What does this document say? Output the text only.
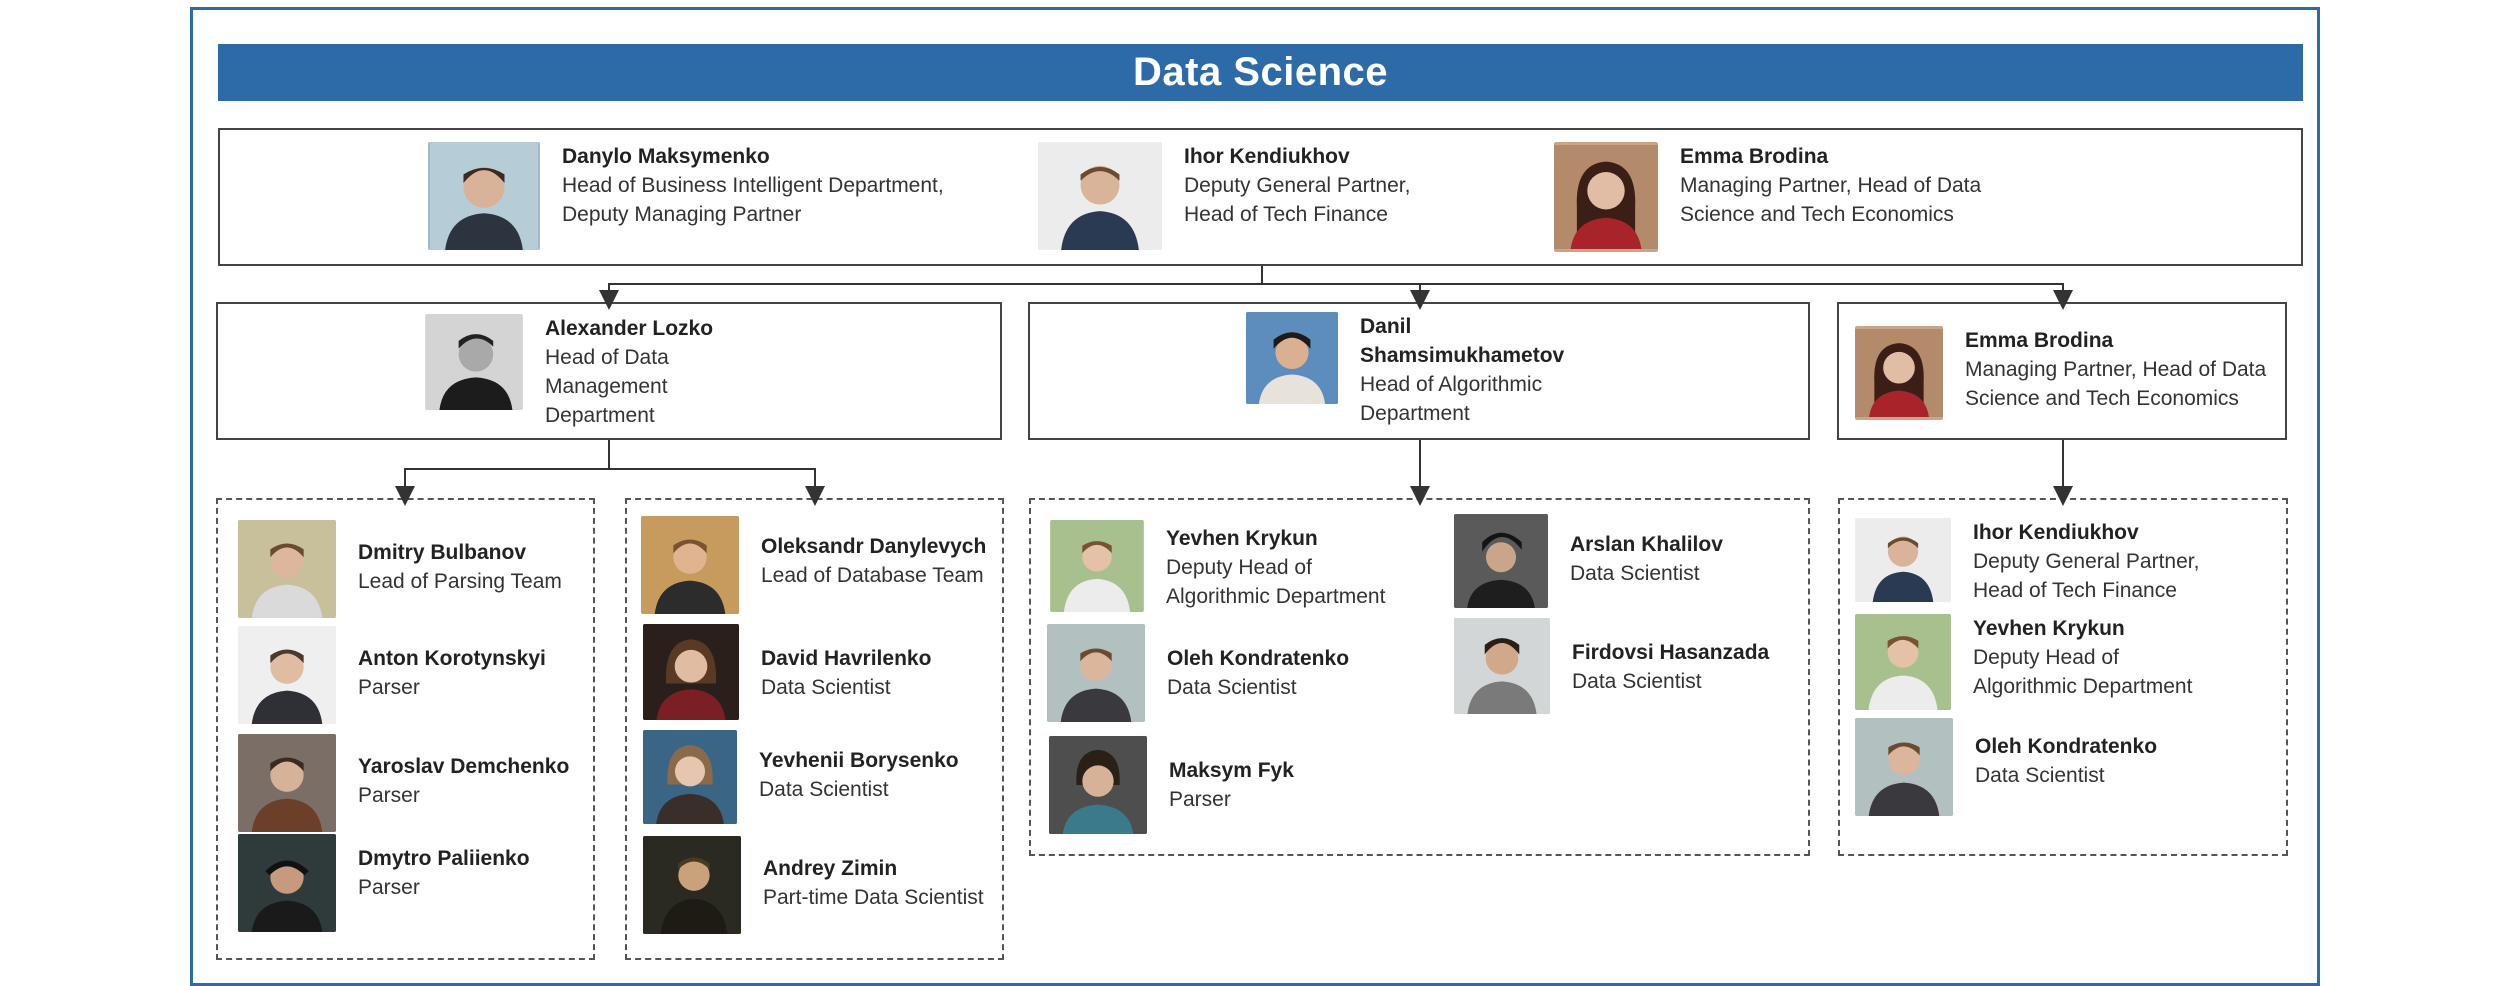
Data Science
Danylo Maksymenko
Head of Business Intelligent Department, Deputy Managing Partner
Ihor Kendiukhov
Deputy General Partner, Head of Tech Finance
Emma Brodina
Managing Partner, Head of Data Science and Tech Economics
Alexander Lozko
Head of Data Management Department
Danil Shamsimukhametov
Head of Algorithmic Department
Emma Brodina
Managing Partner, Head of Data Science and Tech Economics
Dmitry Bulbanov
Lead of Parsing Team
Anton Korotynskyi
Parser
Yaroslav Demchenko
Parser
Dmytro Paliienko
Parser
Oleksandr Danylevych
Lead of Database Team
David Havrilenko
Data Scientist
Yevhenii Borysenko
Data Scientist
Andrey Zimin
Part-time Data Scientist
Yevhen Krykun
Deputy Head of Algorithmic Department
Oleh Kondratenko
Data Scientist
Maksym Fyk
Parser
Arslan Khalilov
Data Scientist
Firdovsi Hasanzada
Data Scientist
Ihor Kendiukhov
Deputy General Partner, Head of Tech Finance
Yevhen Krykun
Deputy Head of Algorithmic Department
Oleh Kondratenko
Data Scientist
